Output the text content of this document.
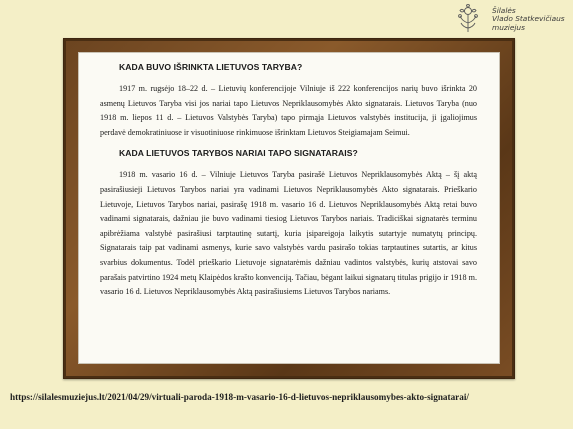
Šilalės
Vlado Statkevičiaus
muziejus
KADA BUVO IŠRINKTA LIETUVOS TARYBA?

1917 m. rugsėjo 18–22 d. – Lietuvių konferencijoje Vilniuje iš 222 konferencijos narių buvo išrinkta 20 asmenų Lietuvos Taryba visi jos nariai tapo Lietuvos Nepriklausomybės Akto signatarais. Lietuvos Taryba (nuo 1918 m. liepos 11 d. – Lietuvos Valstybės Taryba) tapo pirmąja Lietuvos valstybės institucija, ji įgaliojimus perdavė demokratiniuose ir visuotiniuose rinkimuose išrinktam Lietuvos Steigiamajam Seimui.

KADA LIETUVOS TARYBOS NARIAI TAPO SIGNATARAIS?

1918 m. vasario 16 d. – Vilniuje Lietuvos Taryba pasirašė Lietuvos Nepriklausomybės Aktą – šį aktą pasirašiusieji Lietuvos Tarybos nariai yra vadinami Lietuvos Nepriklausomybės Akto signatarais. Prieškario Lietuvoje, Lietuvos Tarybos nariai, pasirašę 1918 m. vasario 16 d. Lietuvos Nepriklausomybės Aktą retai buvo vadinami signatarais, dažniau jie buvo vadinami tiesiog Lietuvos Tarybos nariais. Tradiciškai signatarės terminu apibrėžiama valstybė pasirašiusi tarptautinę sutartį, kuria įsipareigoja laikytis sutartyje numatytų principų. Signatarais taip pat vadinami asmenys, kurie savo valstybės vardu pasirašo tokias tarptautines sutartis, ar kitus svarbius dokumentus. Todėl prieškario Lietuvoje signatarėmis dažniau vadintos valstybės, kurių atstovai savo parašais patvirtino 1924 metų Klaipėdos krašto konvenciją. Tačiau, bėgant laikui signatarų titulas prigijo ir 1918 m. vasario 16 d. Lietuvos Nepriklausomybės Aktą pasirašiusiems Lietuvos Tarybos nariams.

https://silalesmuziejus.lt/2021/04/29/virtuali-paroda-1918-m-vasario-16-d-lietuvos-nepriklausomybes-akto-signatarai/
